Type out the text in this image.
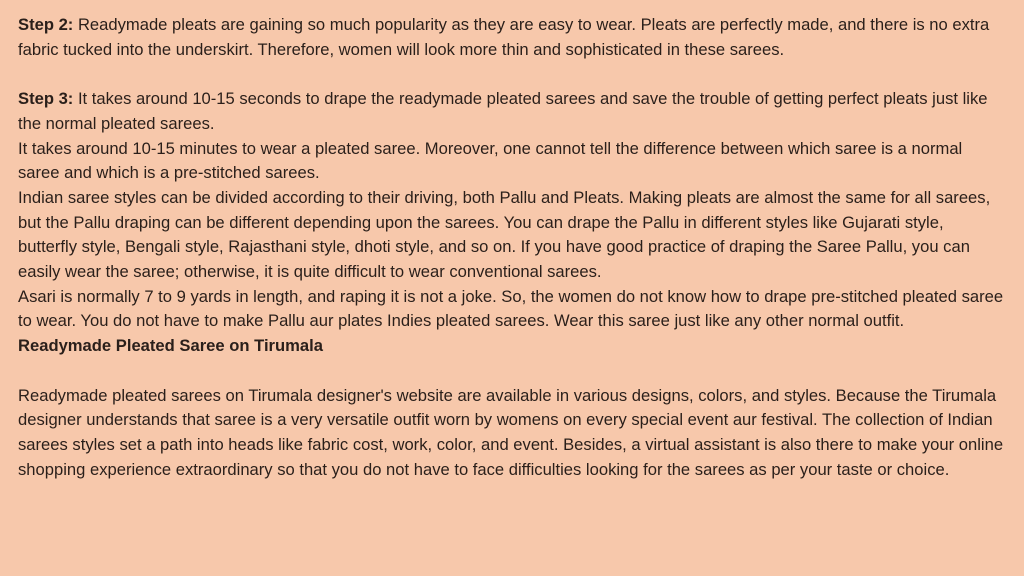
Step 2: Readymade pleats are gaining so much popularity as they are easy to wear. Pleats are perfectly made, and there is no extra fabric tucked into the underskirt. Therefore, women will look more thin and sophisticated in these sarees.

Step 3: It takes around 10-15 seconds to drape the readymade pleated sarees and save the trouble of getting perfect pleats just like the normal pleated sarees.

It takes around 10-15 minutes to wear a pleated saree. Moreover, one cannot tell the difference between which saree is a normal saree and which is a pre-stitched sarees.

Indian saree styles can be divided according to their driving, both Pallu and Pleats. Making pleats are almost the same for all sarees, but the Pallu draping can be different depending upon the sarees. You can drape the Pallu in different styles like Gujarati style, butterfly style, Bengali style, Rajasthani style, dhoti style, and so on. If you have good practice of draping the Saree Pallu, you can easily wear the saree; otherwise, it is quite difficult to wear conventional sarees.

Asari is normally 7 to 9 yards in length, and raping it is not a joke. So, the women do not know how to drape pre-stitched pleated saree to wear. You do not have to make Pallu aur plates Indies pleated sarees. Wear this saree just like any other normal outfit.

Readymade Pleated Saree on Tirumala

Readymade pleated sarees on Tirumala designer's website are available in various designs, colors, and styles. Because the Tirumala designer understands that saree is a very versatile outfit worn by womens on every special event aur festival. The collection of Indian sarees styles set a path into heads like fabric cost, work, color, and event. Besides, a virtual assistant is also there to make your online shopping experience extraordinary so that you do not have to face difficulties looking for the sarees as per your taste or choice.
